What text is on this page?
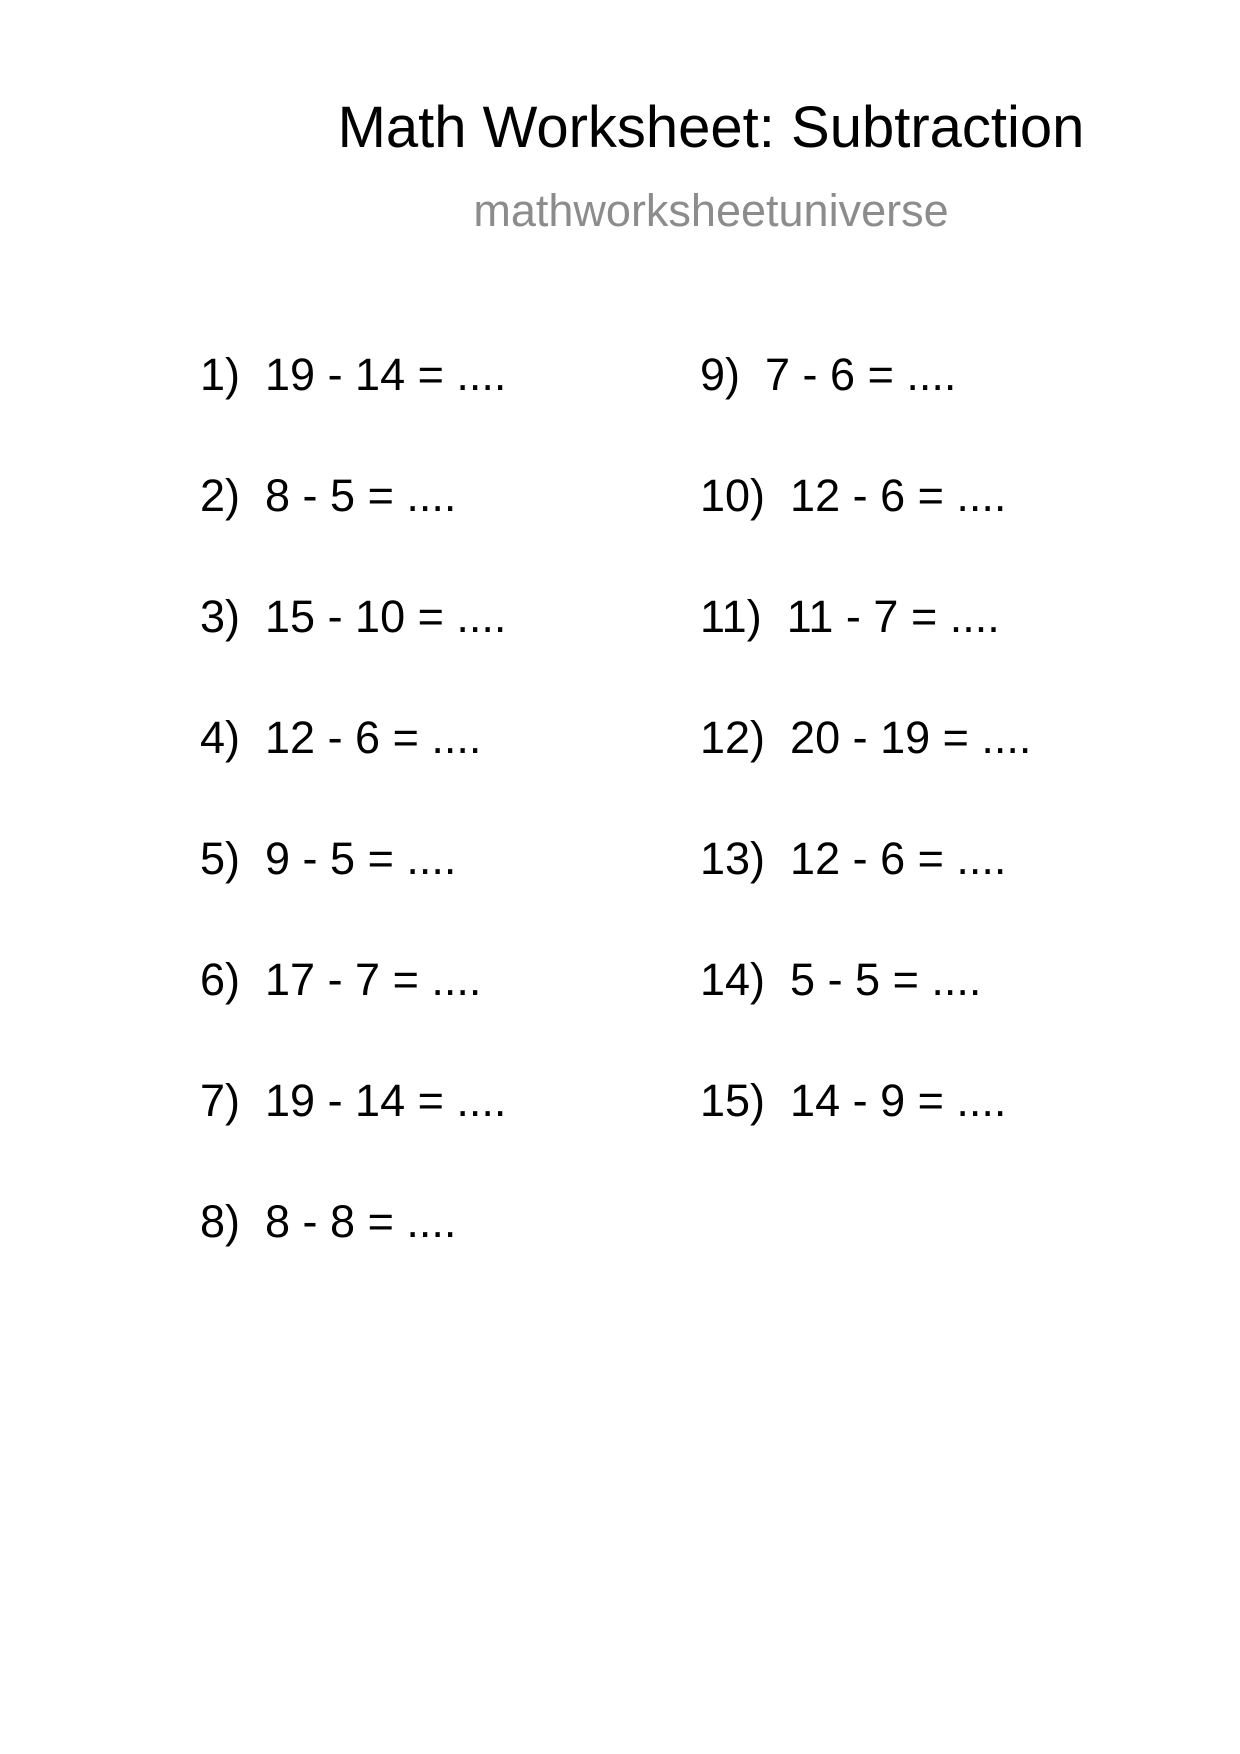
Math Worksheet: Subtraction
mathworksheetuniverse
1)  19 - 14 = ....
2)  8 - 5 = ....
3)  15 - 10 = ....
4)  12 - 6 = ....
5)  9 - 5 = ....
6)  17 - 7 = ....
7)  19 - 14 = ....
8)  8 - 8 = ....
9)  7 - 6 = ....
10)  12 - 6 = ....
11)  11 - 7 = ....
12)  20 - 19 = ....
13)  12 - 6 = ....
14)  5 - 5 = ....
15)  14 - 9 = ....
